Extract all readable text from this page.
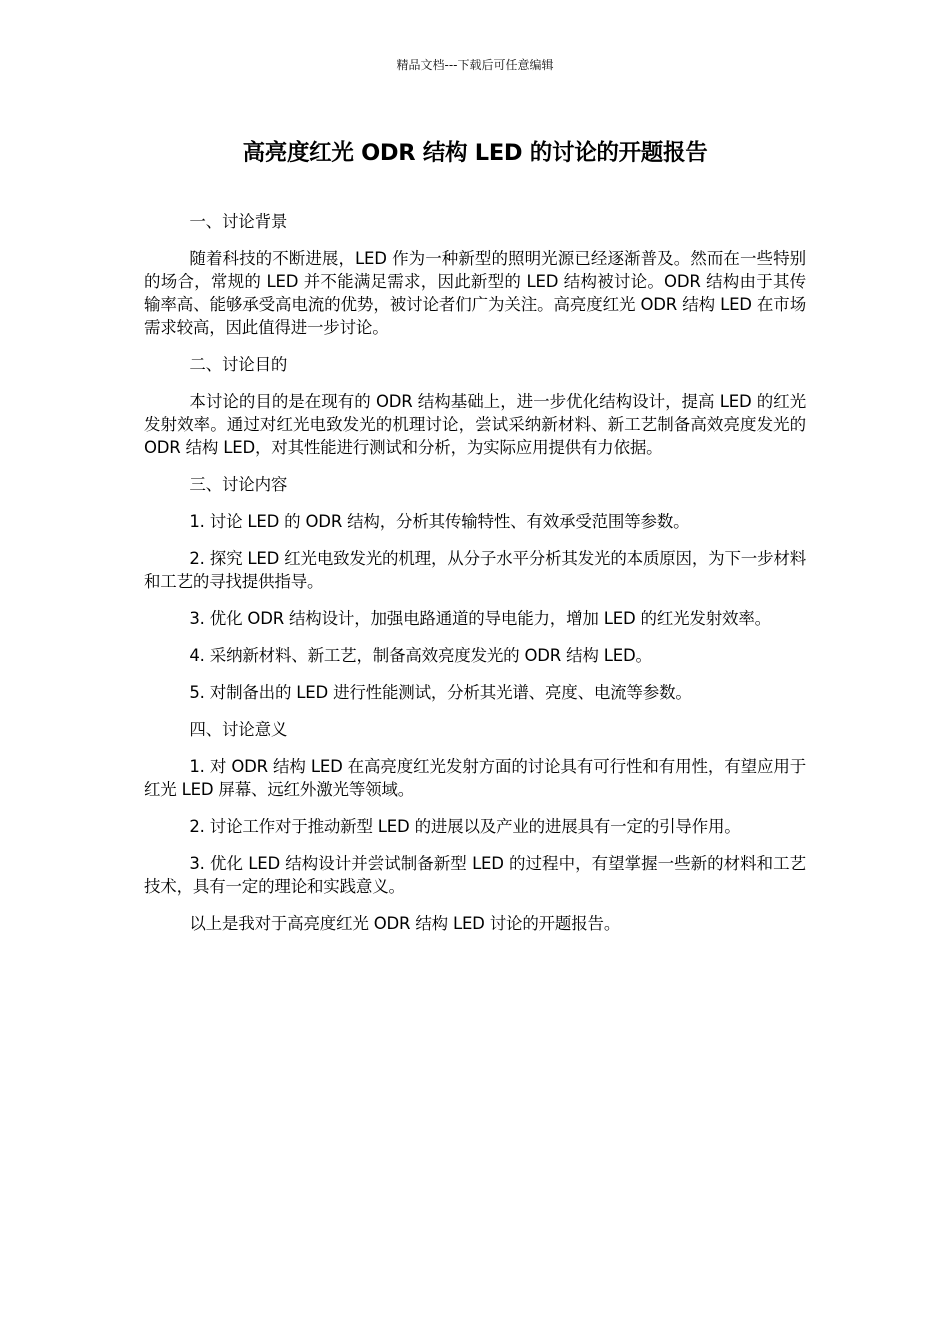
精品文档---下载后可任意编辑
高亮度红光 ODR 结构 LED 的讨论的开题报告

一、讨论背景

随着科技的不断进展，LED 作为一种新型的照明光源已经逐渐普及。然而在一些特别的场合，常规的 LED 并不能满足需求，因此新型的 LED 结构被讨论。ODR 结构由于其传输率高、能够承受高电流的优势，被讨论者们广为关注。高亮度红光 ODR 结构 LED 在市场需求较高，因此值得进一步讨论。

二、讨论目的

本讨论的目的是在现有的 ODR 结构基础上，进一步优化结构设计，提高 LED 的红光发射效率。通过对红光电致发光的机理讨论，尝试采纳新材料、新工艺制备高效亮度发光的 ODR 结构 LED，对其性能进行测试和分析，为实际应用提供有力依据。

三、讨论内容

1. 讨论 LED 的 ODR 结构，分析其传输特性、有效承受范围等参数。

2. 探究 LED 红光电致发光的机理，从分子水平分析其发光的本质原因，为下一步材料和工艺的寻找提供指导。

3. 优化 ODR 结构设计，加强电路通道的导电能力，增加 LED 的红光发射效率。

4. 采纳新材料、新工艺，制备高效亮度发光的 ODR 结构 LED。

5. 对制备出的 LED 进行性能测试，分析其光谱、亮度、电流等参数。

四、讨论意义

1. 对 ODR 结构 LED 在高亮度红光发射方面的讨论具有可行性和有用性，有望应用于红光 LED 屏幕、远红外激光等领域。

2. 讨论工作对于推动新型 LED 的进展以及产业的进展具有一定的引导作用。

3. 优化 LED 结构设计并尝试制备新型 LED 的过程中，有望掌握一些新的材料和工艺技术，具有一定的理论和实践意义。

以上是我对于高亮度红光 ODR 结构 LED 讨论的开题报告。
